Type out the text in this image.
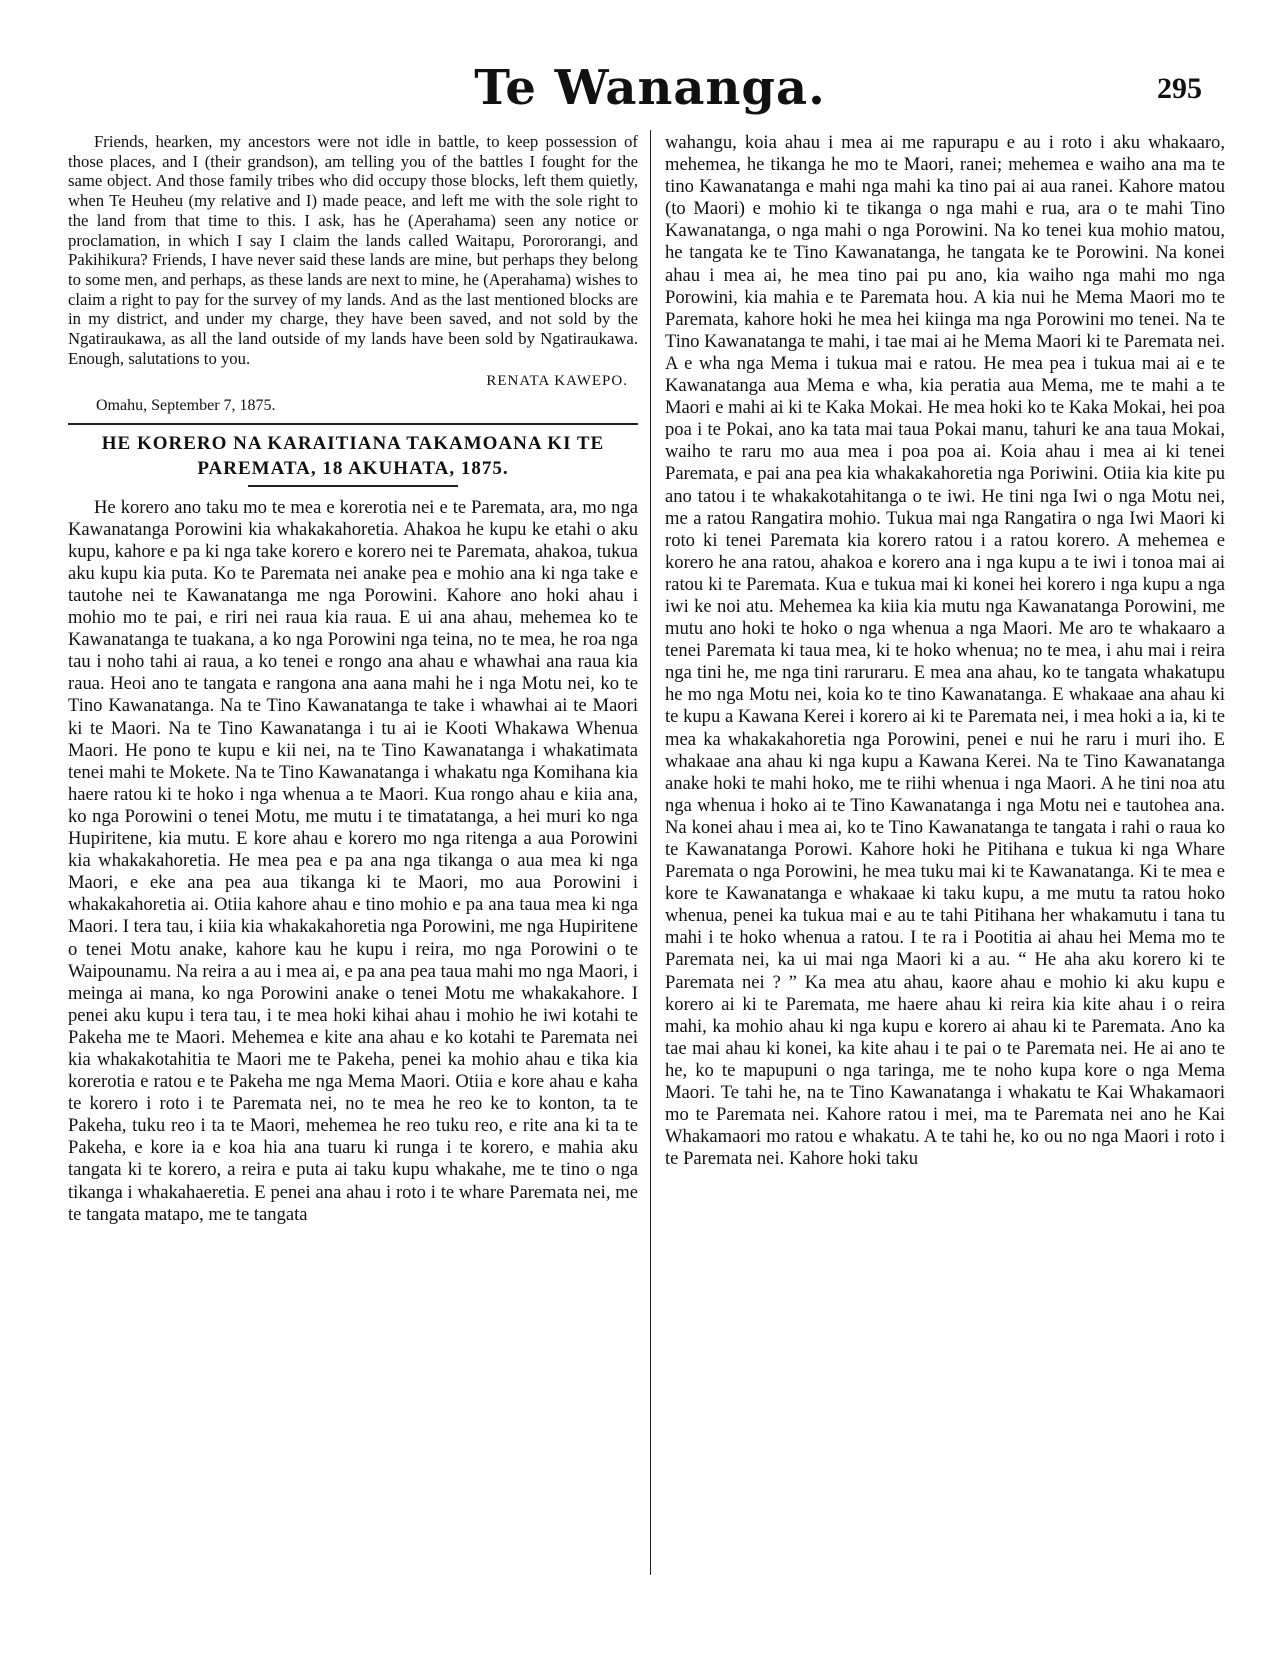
Te Wananga.	295

Friends, hearken, my ancestors were not idle in battle, to keep possession of those places, and I (their grandson), am telling you of the battles I fought for the same object. And those family tribes who did occupy those blocks, left them quietly, when Te Heuheu (my relative and I) made peace, and left me with the sole right to the land from that time to this. I ask, has he (Aperahama) seen any notice or proclamation, in which I say I claim the lands called Waitapu, Porororangi, and Pakihikura? Friends, I have never said these lands are mine, but perhaps they belong to some men, and perhaps, as these lands are next to mine, he (Aperahama) wishes to claim a right to pay for the survey of my lands. And as the last mentioned blocks are in my district, and under my charge, they have been saved, and not sold by the Ngatiraukawa, as all the land outside of my lands have been sold by Ngatiraukawa. Enough, salutations to you.

RENATA KAWEPO.
Omahu, September 7, 1875.
HE KORERO NA KARAITIANA TAKAMOANA KI TE PAREMATA, 18 AKUHATA, 1875.

He korero ano taku mo te mea e korerotia nei e te Paremata, ara, mo nga Kawanatanga Porowini kia whakakahoretia. Ahakoa he kupu ke etahi o aku kupu, kahore e pa ki nga take korero e korero nei te Paremata, ahakoa, tukua aku kupu kia puta. Ko te Paremata nei anake pea e mohio ana ki nga take e tautohe nei te Kawanatanga me nga Porowini. Kahore ano hoki ahau i mohio mo te pai, e riri nei raua kia raua. E ui ana ahau, mehemea ko te Kawanatanga te tuakana, a ko nga Porowini nga teina, no te mea, he roa nga tau i noho tahi ai raua, a ko tenei e rongo ana ahau e whawhai ana raua kia raua. Heoi ano te tangata e rangona ana aana mahi he i nga Motu nei, ko te Tino Kawanatanga. Na te Tino Kawanatanga te take i whawhai ai te Maori ki te Maori. Na te Tino Kawanatanga i tu ai ie Kooti Whakawa Whenua Maori. He pono te kupu e kii nei, na te Tino Kawanatanga i whakatimata tenei mahi te Mokete. Na te Tino Kawanatanga i whakatu nga Komihana kia haere ratou ki te hoko i nga whenua a te Maori. Kua rongo ahau e kiia ana, ko nga Porowini o tenei Motu, me mutu i te timatatanga, a hei muri ko nga Hupiritene, kia mutu. E kore ahau e korero mo nga ritenga a aua Porowini kia whakakahoretia. He mea pea e pa ana nga tikanga o aua mea ki nga Maori, e eke ana pea aua tikanga ki te Maori, mo aua Porowini i whakakahoretia ai. Otiia kahore ahau e tino mohio e pa ana taua mea ki nga Maori. I tera tau, i kiia kia whakakahoretia nga Porowini, me nga Hupiritene o tenei Motu anake, kahore kau he kupu i reira, mo nga Porowini o te Waipounamu. Na reira a au i mea ai, e pa ana pea taua mahi mo nga Maori, i meinga ai mana, ko nga Porowini anake o tenei Motu me whakakahore. I penei aku kupu i tera tau, i te mea hoki kihai ahau i mohio he iwi kotahi te Pakeha me te Maori. Mehemea e kite ana ahau e ko kotahi te Paremata nei kia whakakotahitia te Maori me te Pakeha, penei ka mohio ahau e tika kia korerotia e ratou e te Pakeha me nga Mema Maori. Otiia e kore ahau e kaha te korero i roto i te Paremata nei, no te mea he reo ke to konton, ta te Pakeha, tuku reo i ta te Maori, mehemea he reo tuku reo, e rite ana ki ta te Pakeha, e kore ia e koa hia ana tuaru ki runga i te korero, e mahia aku tangata ki te korero, a reira e puta ai taku kupu whakahe, me te tino o nga tikanga i whakahaeretia. E penei ana ahau i roto i te whare Paremata nei, me te tangata matapo, me te tangata

wahangu, koia ahau i mea ai me rapurapu e au i roto i aku whakaaro, mehemea, he tikanga he mo te Maori, ranei; mehemea e waiho ana ma te tino Kawanatanga e mahi nga mahi ka tino pai ai aua ranei. Kahore matou (to Maori) e mohio ki te tikanga o nga mahi e rua, ara o te mahi Tino Kawanatanga, o nga mahi o nga Porowini. Na ko tenei kua mohio matou, he tangata ke te Tino Kawanatanga, he tangata ke te Porowini. Na konei ahau i mea ai, he mea tino pai pu ano, kia waiho nga mahi mo nga Porowini, kia mahia e te Paremata hou. A kia nui he Mema Maori mo te Paremata, kahore hoki he mea hei kiinga ma nga Porowini mo tenei. Na te Tino Kawanatanga te mahi, i tae mai ai he Mema Maori ki te Paremata nei. A e wha nga Mema i tukua mai e ratou. He mea pea i tukua mai ai e te Kawanatanga aua Mema e wha, kia peratia aua Mema, me te mahi a te Maori e mahi ai ki te Kaka Mokai. He mea hoki ko te Kaka Mokai, hei poa poa i te Pokai, ano ka tata mai taua Pokai manu, tahuri ke ana taua Mokai, waiho te raru mo aua mea i poa poa ai. Koia ahau i mea ai ki tenei Paremata, e pai ana pea kia whakakahoretia nga Poriwini. Otiia kia kite pu ano tatou i te whakakotahitanga o te iwi. He tini nga Iwi o nga Motu nei, me a ratou Rangatira mohio. Tukua mai nga Rangatira o nga Iwi Maori ki roto ki tenei Paremata kia korero ratou i a ratou korero. A mehemea e korero he ana ratou, ahakoa e korero ana i nga kupu a te iwi i tonoa mai ai ratou ki te Paremata. Kua e tukua mai ki konei hei korero i nga kupu a nga iwi ke noi atu. Mehemea ka kiia kia mutu nga Kawanatanga Porowini, me mutu ano hoki te hoko o nga whenua a nga Maori. Me aro te whakaaro a tenei Paremata ki taua mea, ki te hoko whenua; no te mea, i ahu mai i reira nga tini he, me nga tini raruraru. E mea ana ahau, ko te tangata whakatupu he mo nga Motu nei, koia ko te tino Kawanatanga. E whakaae ana ahau ki te kupu a Kawana Kerei i korero ai ki te Paremata nei, i mea hoki a ia, ki te mea ka whakakahoretia nga Porowini, penei e nui he raru i muri iho. E whakaae ana ahau ki nga kupu a Kawana Kerei. Na te Tino Kawanatanga anake hoki te mahi hoko, me te riihi whenua i nga Maori. A he tini noa atu nga whenua i hoko ai te Tino Kawanatanga i nga Motu nei e tautohea ana. Na konei ahau i mea ai, ko te Tino Kawanatanga te tangata i rahi o raua ko te Kawanatanga Porowi. Kahore hoki he Pitihana e tukua ki nga Whare Paremata o nga Porowini, he mea tuku mai ki te Kawanatanga. Ki te mea e kore te Kawanatanga e whakaae ki taku kupu, a me mutu ta ratou hoko whenua, penei ka tukua mai e au te tahi Pitihana her whakamutu i tana tu mahi i te hoko whenua a ratou. I te ra i Pootitia ai ahau hei Mema mo te Paremata nei, ka ui mai nga Maori ki a au. “ He aha aku korero ki te Paremata nei ? ” Ka mea atu ahau, kaore ahau e mohio ki aku kupu e korero ai ki te Paremata, me haere ahau ki reira kia kite ahau i o reira mahi, ka mohio ahau ki nga kupu e korero ai ahau ki te Paremata. Ano ka tae mai ahau ki konei, ka kite ahau i te pai o te Paremata nei. He ai ano te he, ko te mapupuni o nga taringa, me te noho kupa kore o nga Mema Maori. Te tahi he, na te Tino Kawanatanga i whakatu te Kai Whakamaori mo te Paremata nei. Kahore ratou i mei, ma te Paremata nei ano he Kai Whakamaori mo ratou e whakatu. A te tahi he, ko ou no nga Maori i roto i te Paremata nei. Kahore hoki taku
